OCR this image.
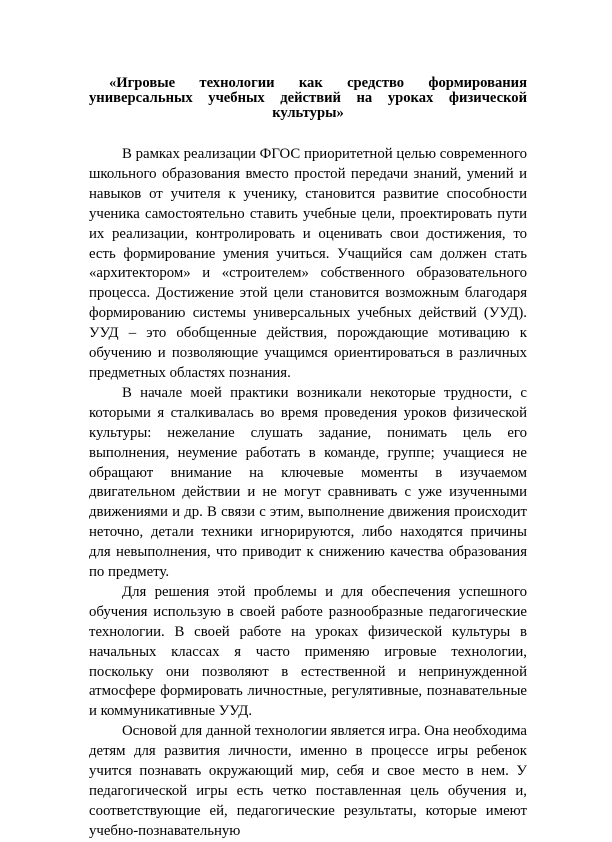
«Игровые технологии как средство формирования
универсальных учебных действий на уроках физической культуры»

В рамках реализации ФГОС приоритетной целью современного школьного образования вместо простой передачи знаний, умений и навыков от учителя к ученику, становится развитие способности ученика самостоятельно ставить учебные цели, проектировать пути их реализации, контролировать и оценивать свои достижения, то есть формирование умения учиться. Учащийся сам должен стать «архитектором» и «строителем» собственного образовательного процесса. Достижение этой цели становится возможным благодаря формированию системы универсальных учебных действий (УУД). УУД – это обобщенные действия, порождающие мотивацию к обучению и позволяющие учащимся ориентироваться в различных предметных областях познания.

В начале моей практики возникали некоторые трудности, с которыми я сталкивалась во время проведения уроков физической культуры: нежелание слушать задание, понимать цель его выполнения, неумение работать в команде, группе; учащиеся не обращают внимание на ключевые моменты в изучаемом двигательном действии и не могут сравнивать с уже изученными движениями и др. В связи с этим, выполнение движения происходит неточно, детали техники игнорируются, либо находятся причины для невыполнения, что приводит к снижению качества образования по предмету.

Для решения этой проблемы и для обеспечения успешного обучения использую в своей работе разнообразные педагогические технологии. В своей работе на уроках физической культуры в начальных классах я часто применяю игровые технологии, поскольку они позволяют в естественной и непринужденной атмосфере формировать личностные, регулятивные, познавательные и коммуникативные УУД.

Основой для данной технологии является игра. Она необходима детям для развития личности, именно в процессе игры ребенок учится познавать окружающий мир, себя и свое место в нем. У педагогической игры есть четко поставленная цель обучения и, соответствующие ей, педагогические результаты, которые имеют учебно-познавательную
